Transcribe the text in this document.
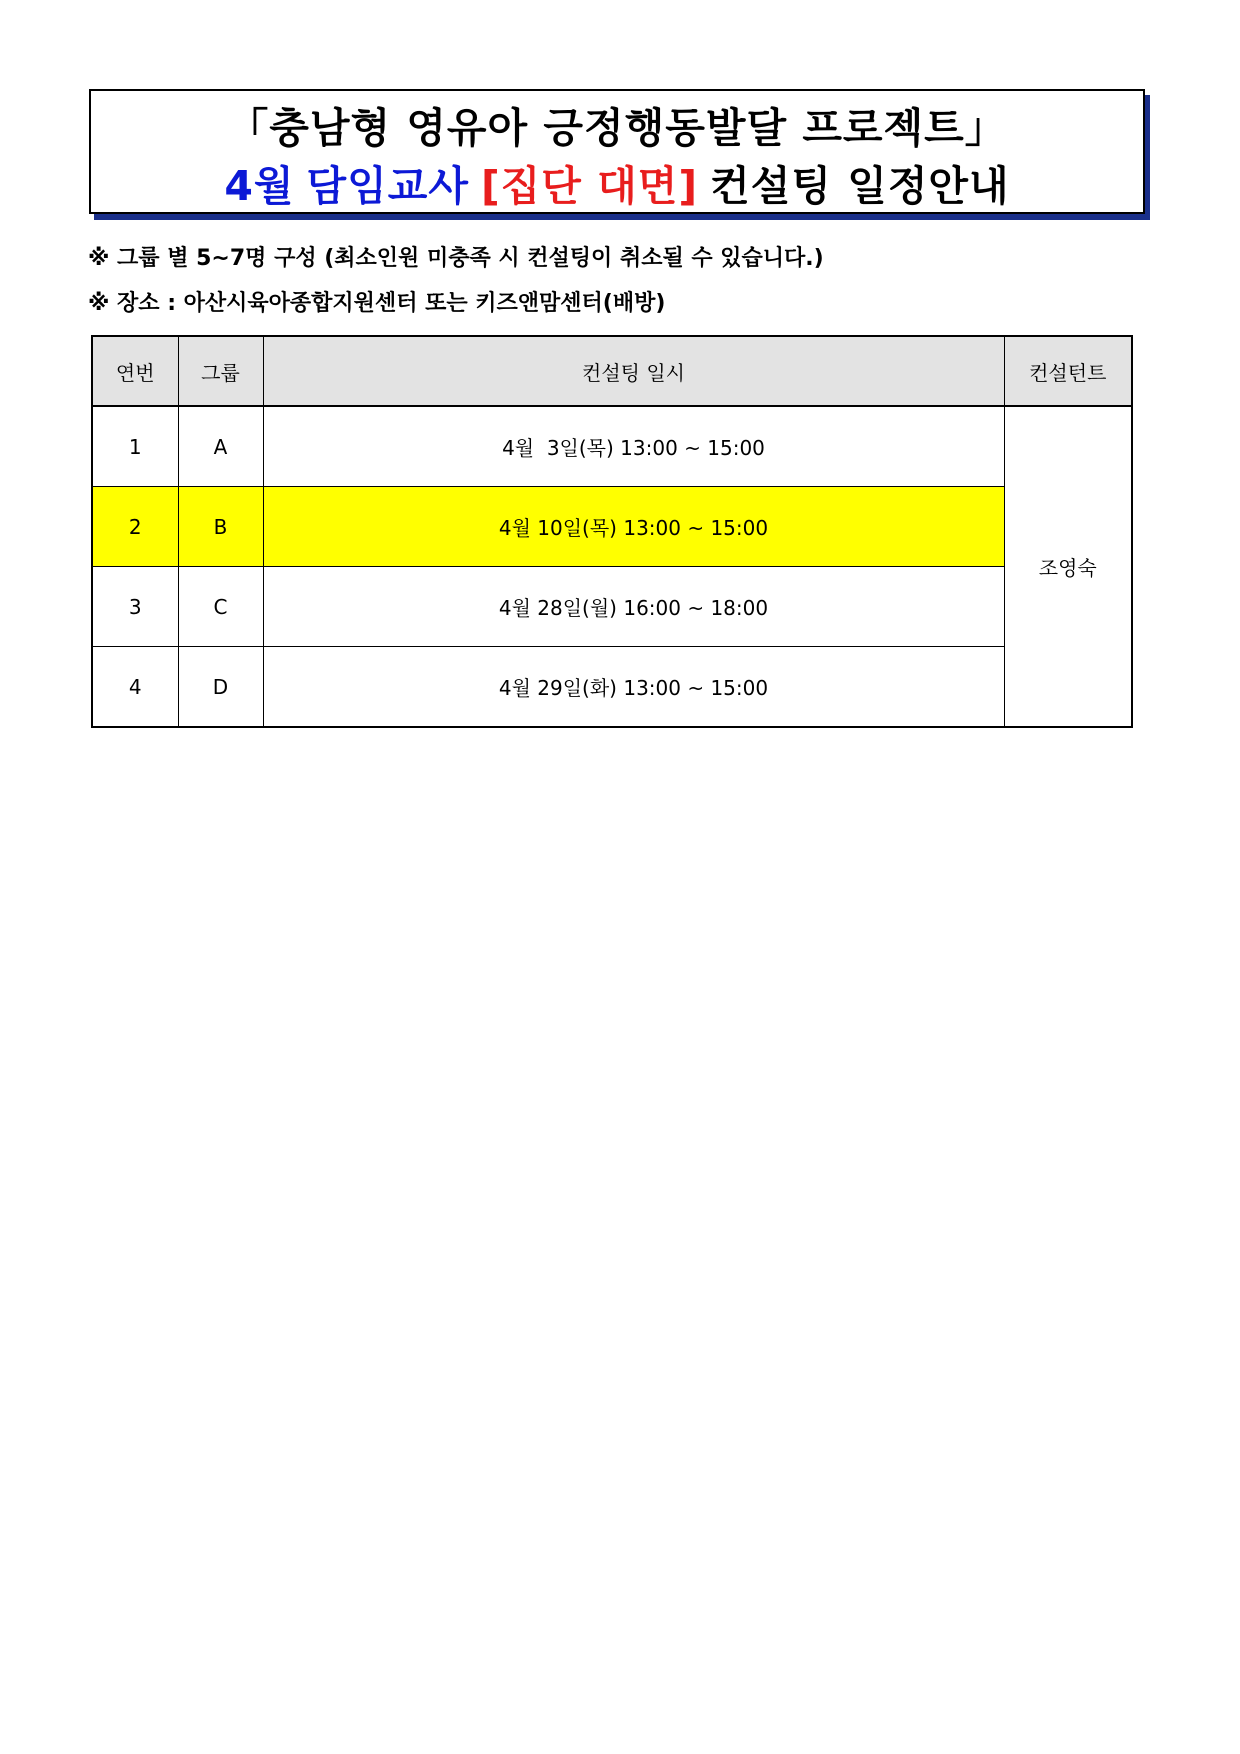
「충남형 영유아 긍정행동발달 프로젝트」
4월 담임교사 [집단 대면] 컨설팅 일정안내
※ 그룹 별 5~7명 구성 (최소인원 미충족 시 컨설팅이 취소될 수 있습니다.)
※ 장소 : 아산시육아종합지원센터 또는 키즈앤맘센터(배방)
연번	그룹	컨설팅 일시	컨설턴트
1	A	4월  3일(목) 13:00 ~ 15:00	조영숙
2	B	4월 10일(목) 13:00 ~ 15:00	
3	C	4월 28일(월) 16:00 ~ 18:00	
4	D	4월 29일(화) 13:00 ~ 15:00	
